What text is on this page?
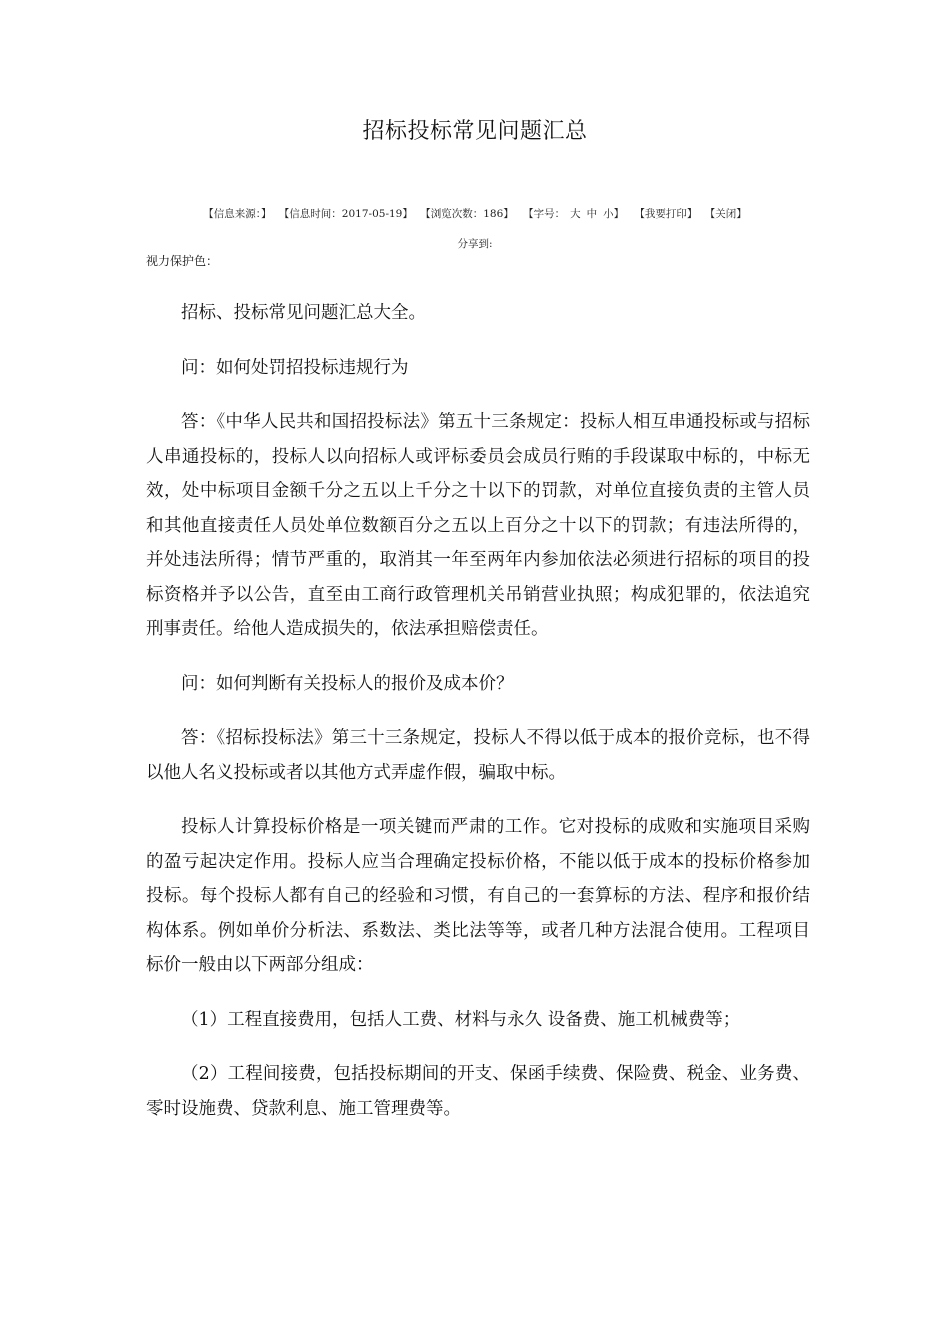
招标投标常见问题汇总
【信息来源：】 【信息时间：2017-05-19】 【浏览次数：186】 【字号： 大 中 小】 【我要打印】 【关闭】
分享到:
视力保护色：

招标、投标常见问题汇总大全。

问：如何处罚招投标违规行为

答：《中华人民共和国招投标法》第五十三条规定：投标人相互串通投标或与招标人串通投标的，投标人以向招标人或评标委员会成员行贿的手段谋取中标的，中标无效，处中标项目金额千分之五以上千分之十以下的罚款，对单位直接负责的主管人员和其他直接责任人员处单位数额百分之五以上百分之十以下的罚款；有违法所得的，并处违法所得；情节严重的，取消其一年至两年内参加依法必须进行招标的项目的投标资格并予以公告，直至由工商行政管理机关吊销营业执照；构成犯罪的，依法追究刑事责任。给他人造成损失的，依法承担赔偿责任。

问：如何判断有关投标人的报价及成本价？

答：《招标投标法》第三十三条规定，投标人不得以低于成本的报价竞标，也不得以他人名义投标或者以其他方式弄虚作假，骗取中标。

投标人计算投标价格是一项关键而严肃的工作。它对投标的成败和实施项目采购的盈亏起决定作用。投标人应当合理确定投标价格，不能以低于成本的投标价格参加投标。每个投标人都有自己的经验和习惯，有自己的一套算标的方法、程序和报价结构体系。例如单价分析法、系数法、类比法等等，或者几种方法混合使用。工程项目标价一般由以下两部分组成：

（1）工程直接费用，包括人工费、材料与永久 设备费、施工机械费等；

（2）工程间接费，包括投标期间的开支、保函手续费、保险费、税金、业务费、零时设施费、贷款利息、施工管理费等。
